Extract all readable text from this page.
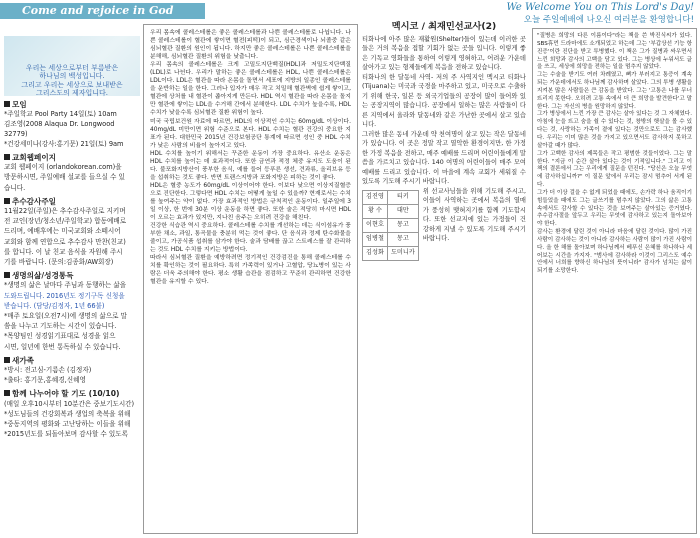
Come and rejoice in God	We Welcome You on This Lord's Day!
오늘 주일예배에 나오신 여러분을 환영합니다!
우리는 세상으로부터 부름받은
하나님의 백성입니다.
그리고 우리는 세상으로 보내받은
그리스도의 제자입니다.
모임
*주일학교 Pool Party 14일(토) 10am
김조영(2008 Alaqua Dr. Longwood 32779)
*건강세미나(강사:홍기문) 21일(토) 9am
교회웹페이지
교회 웹페이지 (orlandokorean.com)을
방문하시면, 주일예배 설교를 들으실 수 있
습니다.
추수감사주일
11월22일(주일)은 추수감사주일로 지키며
전 교인(장년/청소년/주일학교) 합동예배로
드리며, 예배후에는 미국교회와 소떼시어
교회와 함께 연합으로 추수감사 만찬(친교)
를 합니다. 이 날 친교 음식을 자원해 주시
기를 바랍니다. (문의:김종화/AW회장)
생명의삶/성경통독
*생명의 삶은 날마다 주님과 동행하는 삶을
도와드립니다. 2016년도 정기구독 신청을
받습니다. (담당/김정자, 1년 66불)
*매주 토요일(오전7시)에 생명의 삶으로 말
씀을 나누고 기도하는 시간이 있습니다.
*목양팀인 성경읽기표대로 성경을 읽으
시면, 일년에 한번 통독하실 수 있습니다.
새가족
*방시: 전고심-기름손 (김정자)
*출타: 홍기문,홍혜경,신혜영
함께 나누어야 할 기도 (10/10)
(매일 오후10시부터 10분간은 중보기도시간)
*성도님들의 건강회복과 생업의 축복을 위해
*중동지역의 평화와 고난당하는 이들을 위해
*2015년도를 되돌아보며 감사할 수 있도록

우리 몸속에 콜레스테롤은 좋은 콜레스테롤과 나쁜 콜레스테롤로 나뉩니다. 나쁜 콜레스테롤이 혈관에 쌓이면 혈전(피떡)이 되고, 심근경색이나 뇌졸중 같은 심뇌혈관 질환의 원인이 됩니다. 하지만 좋은 콜레스테롤은 나쁜 콜레스테롤을 분해해, 심뇌혈관 질환의 위험을 낮춥니다.

우리 몸속의 콜레스테롤은 크게 고밀도지단백질(HDL)과 저밀도지단백질(LDL)로 나뉜다. 우리가 말하는 좋은 콜레스테롤은 HDL, 나쁜 콜레스테롤은 LDL이다. LDL은 혈관을 따라 온몸을 돌면서 세포에 지방의 일종인 콜레스테롤을 운반하는 일을 한다. 그러나 입자가 매우 작고 치밀해 혈관벽에 쉽게 쌓이고, 혈관에 상처를 내 혈관이 좁아지게 만든다. HDL 역시 혈관을 따라 온몸을 돌지만 혈관에 쌓이는 LDL을 수거해 간에서 분해한다. LDL 수치가 높을수록, HDL 수치가 낮을수록 심뇌혈관 질환 위험이 높다.

미국 국립보건원 자료에 따르면, HDL의 이상적인 수치는 60mg/dL 이상이다. 40mg/dL 미만이면 위험 수준으로 본다. HDL 수치는 혈관 건강의 중요한 지표가 된다. 대한민국 2015년 건강보험공단 통계에 따르면 성인 중 HDL 수치가 낮은 사람의 비율이 높아지고 있다.

HDL 수치를 높이기 위해서는 꾸준한 운동이 가장 중요하다. 유산소 운동은 HDL 수치를 높이는 데 효과적이다. 또한 금연과 적정 체중 유지도 도움이 된다. 불포화지방산이 풍부한 음식, 예를 들어 등푸른 생선, 견과류, 올리브유 등을 섭취하는 것도 좋다. 반면 트랜스지방과 포화지방은 피하는 것이 좋다.

HDL은 혈중 농도가 60mg/dL 이상이어야 한다. 이보다 낮으면 이상지질혈증으로 진단한다. 그렇다면 HDL 수치는 어떻게 높일 수 있을까? 현재로서는 수치를 높여주는 약이 없다. 가장 효과적인 방법은 규칙적인 운동이다. 일주일에 3일 이상, 한 번에 30분 이상 운동을 하면 좋다. 또한 술은 적당히 마시면 HDL이 오르는 효과가 있지만, 지나친 음주는 오히려 건강을 해친다.

건강한 식습관 역시 중요하다. 콜레스테롤 수치를 개선하는 데는 식이섬유가 풍부한 채소, 과일, 통곡물을 충분히 먹는 것이 좋다. 단 음식과 정제 탄수화물을 줄이고, 가공식품 섭취를 삼가야 한다. 술과 담배를 끊고 스트레스를 잘 관리하는 것도 HDL 수치를 지키는 방법이다.

따라서 심뇌혈관 질환을 예방하려면 정기적인 건강검진을 통해 콜레스테롤 수치를 확인하는 것이 필요하다. 특히 가족력이 있거나 고혈압, 당뇨병이 있는 사람은 더욱 주의해야 한다. 평소 생활 습관을 점검하고 꾸준히 관리하면 건강한 혈관을 유지할 수 있다.

멕시코 / 최재민선교사(2)

티화나에 아주 많은 재활원(Shelter)들이 있는데 이러한 곳들은 거의 복음을 접할 기회가 없는 곳들 입니다. 이렇게 좋은 기독교 영화들을 통하여 이렇게 영혀하고, 어려운 가운데 살아가고 있는 형제들에게 복음을 전하고 있습니다.

티화나의 한 달동네 사역- 저의 주 사역지인 멕시코 티화나(Tijuana)는 미국과 국경을 마주하고 있고, 미국으로 수출하기 위해 한국, 일본 등 외국기업들의 공장이 많이 들어와 있는 공장지역이 많습니다. 공장에서 일하는 많은 사람들이 다른 지역에서 올라와 달동네와 같은 가난한 곳에서 살고 있습니다.

그러한 많은 동네 가운데 약 천여명이 살고 있는 작은 달동네가 있습니다. 이 곳은 정말 작고 열악한 환경이지만, 한 가정 한 가정 복음을 전하고, 매주 예배를 드리며 어린이들에게 말씀을 가르치고 있습니다. 140 여명의 어린이들이 매주 모여 예배를 드리고 있습니다. 이 마을에 계속 교회가 세워질 수 있도록 기도해 주시기 바랍니다.

김진영	티키
황 수	대만
이현호	몽고
임병철	몽고
김성화	도미니카

위 선교사님들을 위해 기도해 주시고, 이들이 사역하는 곳에서 복음의 열매가 풍성히 맺혀지기를 함께 기도합시다. 또한 선교지에 있는 가정들이 건강하게 지낼 수 있도록 기도해 주시기 바랍니다.

"질병은 희망의 다른 이름이다"라는 책을 쓴 박진식씨가 있다. SBS휴먼 드라마에도 소개되었고 하는데 그는 '부갑상선 기능 항진증'이란 진단을 받고 투병했다. 이 책은 그가 질병과 싸우면서 느낀 희망과 감사의 고백을 담고 있다. 그는 병상에 누워서도 글을 쓰고, 세상에 희망을 전하는 일을 멈추지 않았다.

그는 수술을 받기도 여러 차례였고, 뼈가 부러지고 통증이 계속되는 가운데에서도 하나님께 감사하며 살았다. 그의 투병 생활을 지켜본 많은 사람들은 큰 감동을 받았다. 그는 '고통은 나를 무너뜨리지 못한다. 오히려 고통 속에서 더 큰 희망을 발견한다'고 말한다. 그는 자신의 병을 원망하지 않았다.

그가 병상에서 느낀 가장 큰 감사는 살아 있다는 것 그 자체였다. 아침에 눈을 뜨고 숨을 쉴 수 있다는 것, 창밖의 햇살을 볼 수 있다는 것, 사랑하는 가족이 곁에 있다는 것만으로도 그는 감사했다. 우리는 이미 많은 것을 가지고 있으면서도 감사하지 못하고 살아갈 때가 많다.

그가 고백한 감사의 제목들은 작고 평범한 것들이었다. 그는 말한다. "지금 이 순간 살아 있다는 것이 기적입니다." 그리고 이 책의 결론에서 그는 우리에게 질문을 던진다. "당신은 오늘 무엇에 감사하십니까?" 이 질문 앞에서 우리는 잠시 멈추어 서게 된다.

그가 더 이상 걸을 수 없게 되었을 때에도, 손가락 하나 움직이기 힘들었을 때에도 그는 글쓰기를 멈추지 않았다. 그의 삶은 고통 속에서도 감사할 수 있다는 것을 보여주는 살아있는 증거였다. 추수감사절을 앞두고 우리는 무엇에 감사하고 있는지 돌아보아야 한다.

감사는 환경에 달린 것이 아니라 마음에 달린 것이다. 많이 가진 사람이 감사하는 것이 아니라 감사하는 사람이 많이 가진 사람이다. 올 한 해를 돌아보며 하나님께서 베푸신 은혜를 하나하나 세어보는 시간을 가지자. "범사에 감사하라 이것이 그리스도 예수 안에서 너희를 향하신 하나님의 뜻이니라" 감사가 넘치는 삶이 되기를 소망한다.
